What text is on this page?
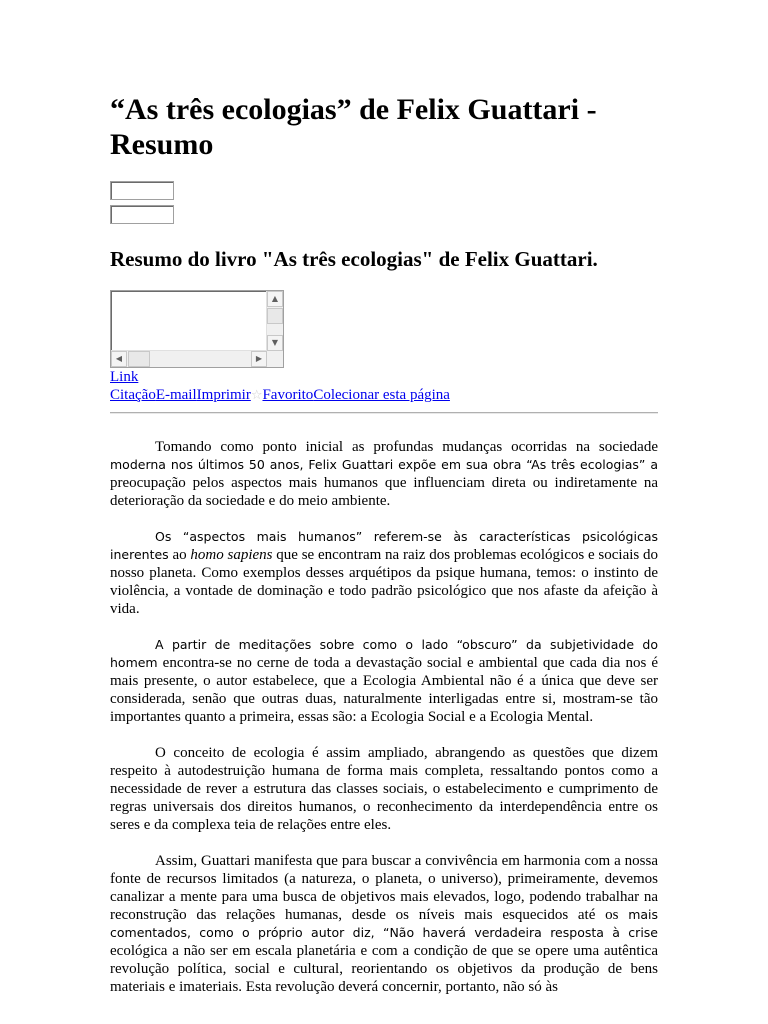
“As três ecologias” de Felix Guattari - Resumo
Resumo do livro "As três ecologias" de Felix Guattari.
▲
▼
◀	▶
Link
CitaçãoE-mailImprimir☆FavoritoColecionar esta página

Tomando como ponto inicial as profundas mudanças ocorridas na sociedade moderna nos últimos 50 anos, Felix Guattari expõe em sua obra “As três ecologias” a preocupação pelos aspectos mais humanos que influenciam direta ou indiretamente na deterioração da sociedade e do meio ambiente.

Os “aspectos mais humanos” referem-se às características psicológicas inerentes ao homo sapiens que se encontram na raiz dos problemas ecológicos e sociais do nosso planeta. Como exemplos desses arquétipos da psique humana, temos: o instinto de violência, a vontade de dominação e todo padrão psicológico que nos afaste da afeição à vida.

A partir de meditações sobre como o lado “obscuro” da subjetividade do homem encontra-se no cerne de toda a devastação social e ambiental que cada dia nos é mais presente, o autor estabelece, que a Ecologia Ambiental não é a única que deve ser considerada, senão que outras duas, naturalmente interligadas entre si, mostram-se tão importantes quanto a primeira, essas são: a Ecologia Social e a Ecologia Mental.

O conceito de ecologia é assim ampliado, abrangendo as questões que dizem respeito à autodestruição humana de forma mais completa, ressaltando pontos como a necessidade de rever a estrutura das classes sociais, o estabelecimento e cumprimento de regras universais dos direitos humanos, o reconhecimento da interdependência entre os seres e da complexa teia de relações entre eles.

Assim, Guattari manifesta que para buscar a convivência em harmonia com a nossa fonte de recursos limitados (a natureza, o planeta, o universo), primeiramente, devemos canalizar a mente para uma busca de objetivos mais elevados, logo, podendo trabalhar na reconstrução das relações humanas, desde os níveis mais esquecidos até os mais comentados, como o próprio autor diz, “Não haverá verdadeira resposta à crise ecológica a não ser em escala planetária e com a condição de que se opere uma autêntica revolução política, social e cultural, reorientando os objetivos da produção de bens materiais e imateriais. Esta revolução deverá concernir, portanto, não só às
